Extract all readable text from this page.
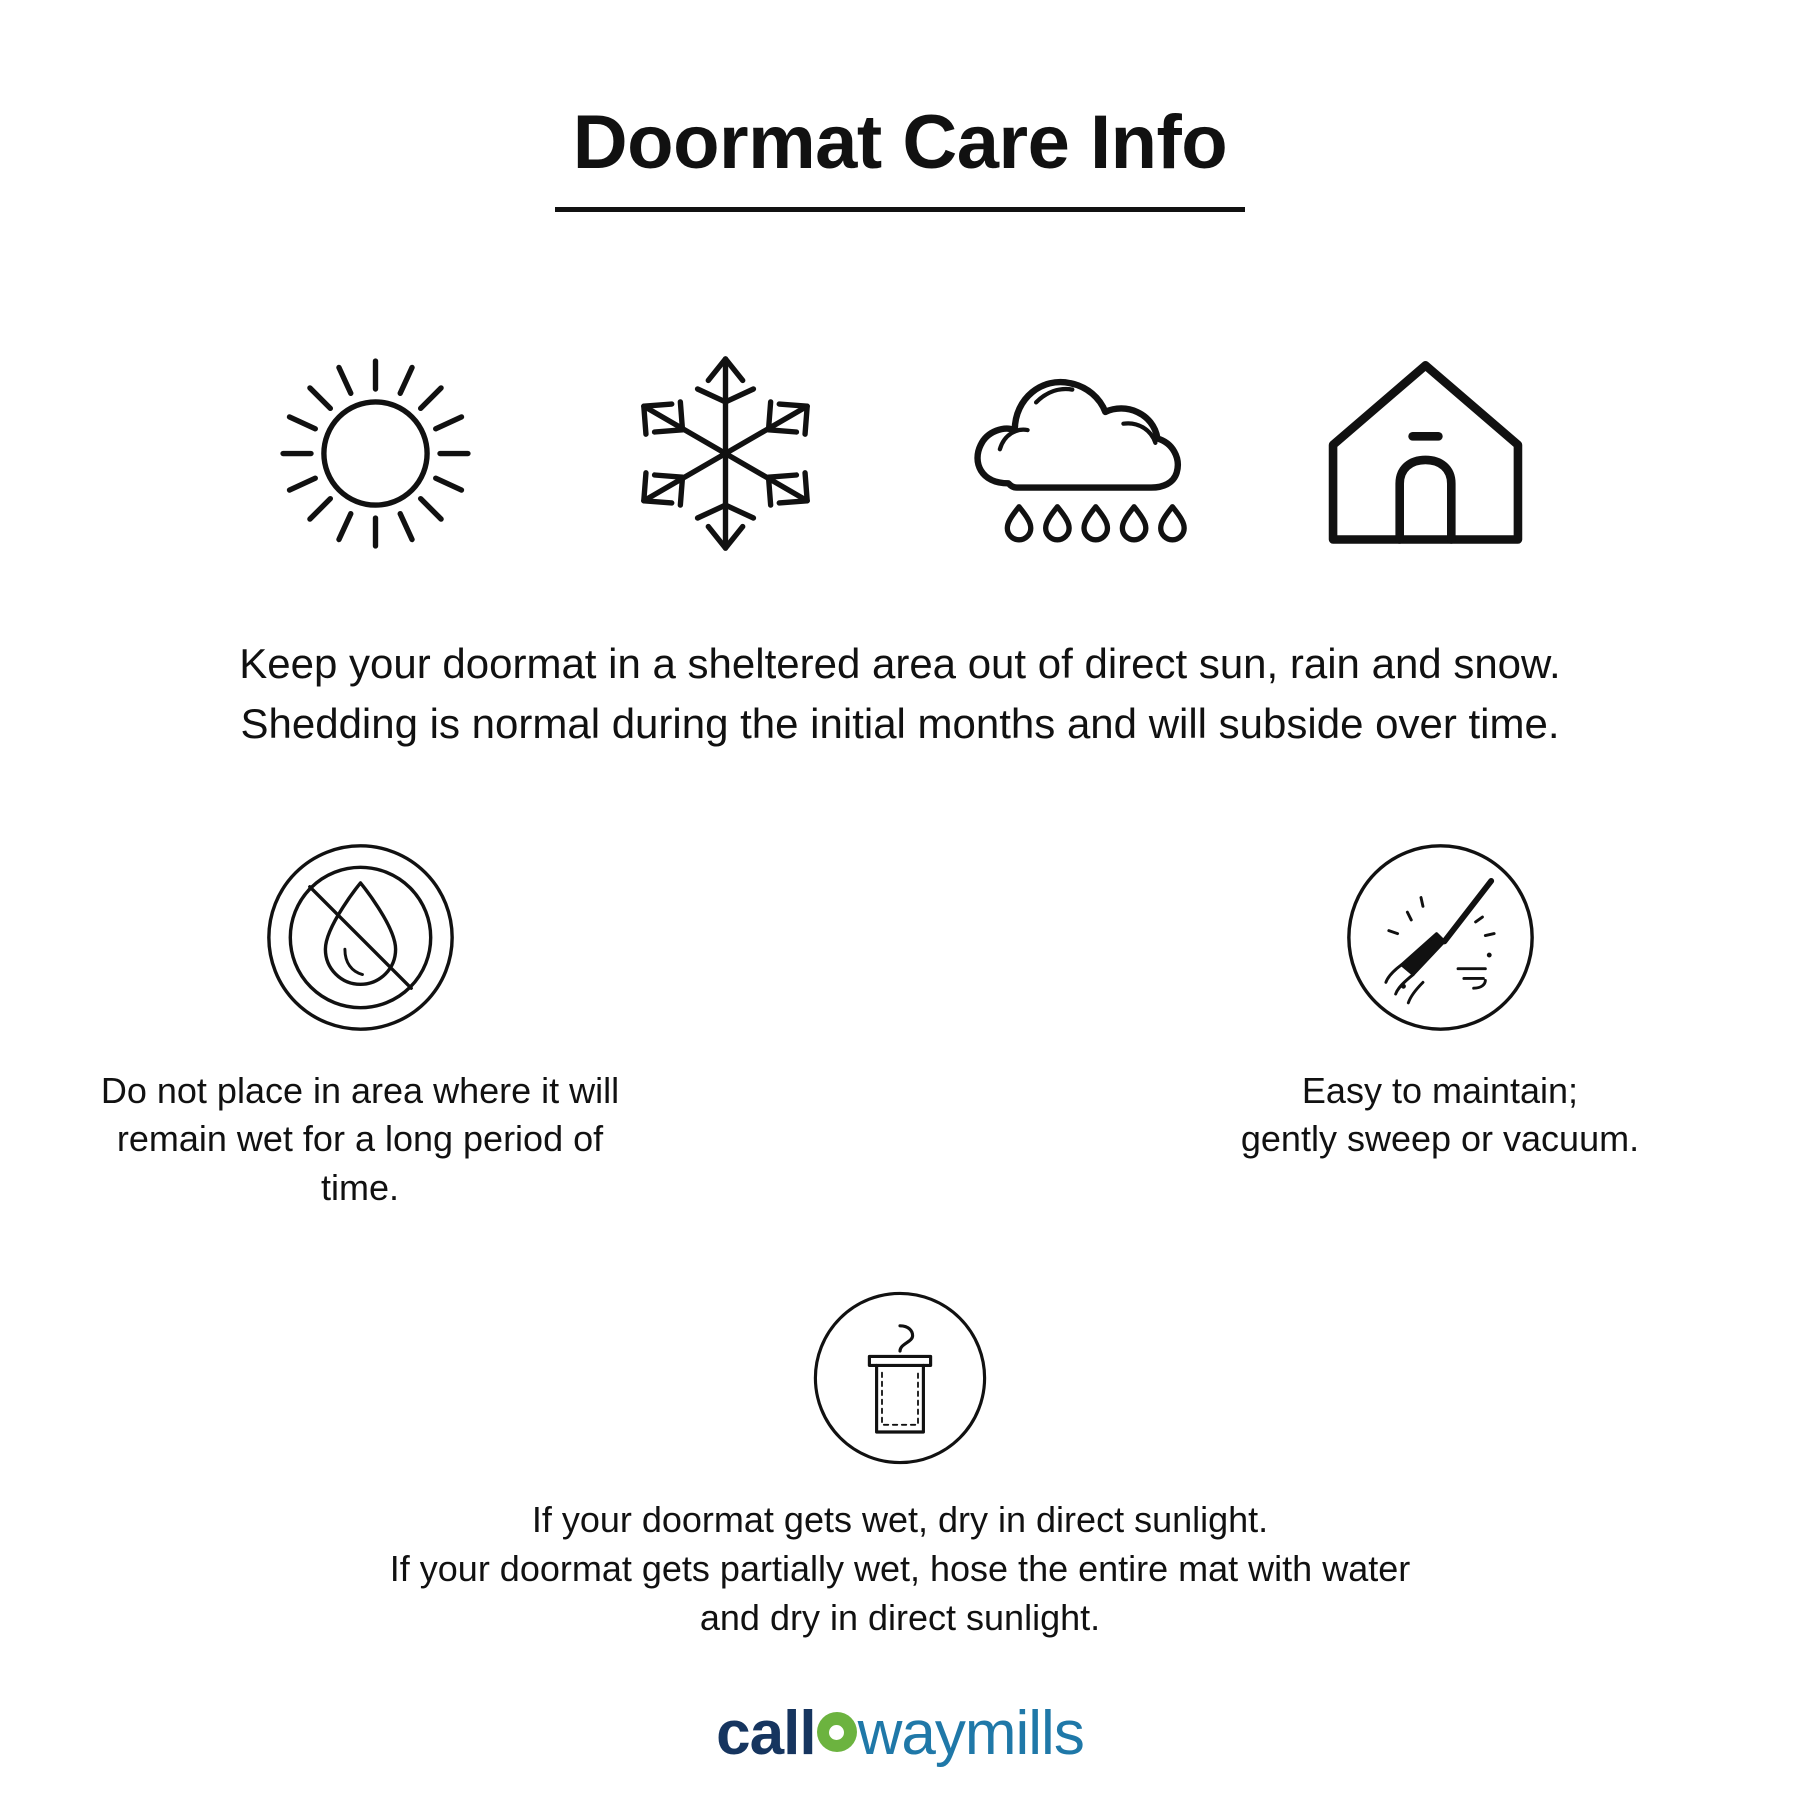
Doormat Care Info

Keep your doormat in a sheltered area out of direct sun, rain and snow.
Shedding is normal during the initial months and will subside over time.

Do not place in area where it will
remain wet for a long period of time.
Easy to maintain;
gently sweep or vacuum.
If your doormat gets wet, dry in direct sunlight.
If your doormat gets partially wet, hose the entire mat with water
and dry in direct sunlight.
call way mills
